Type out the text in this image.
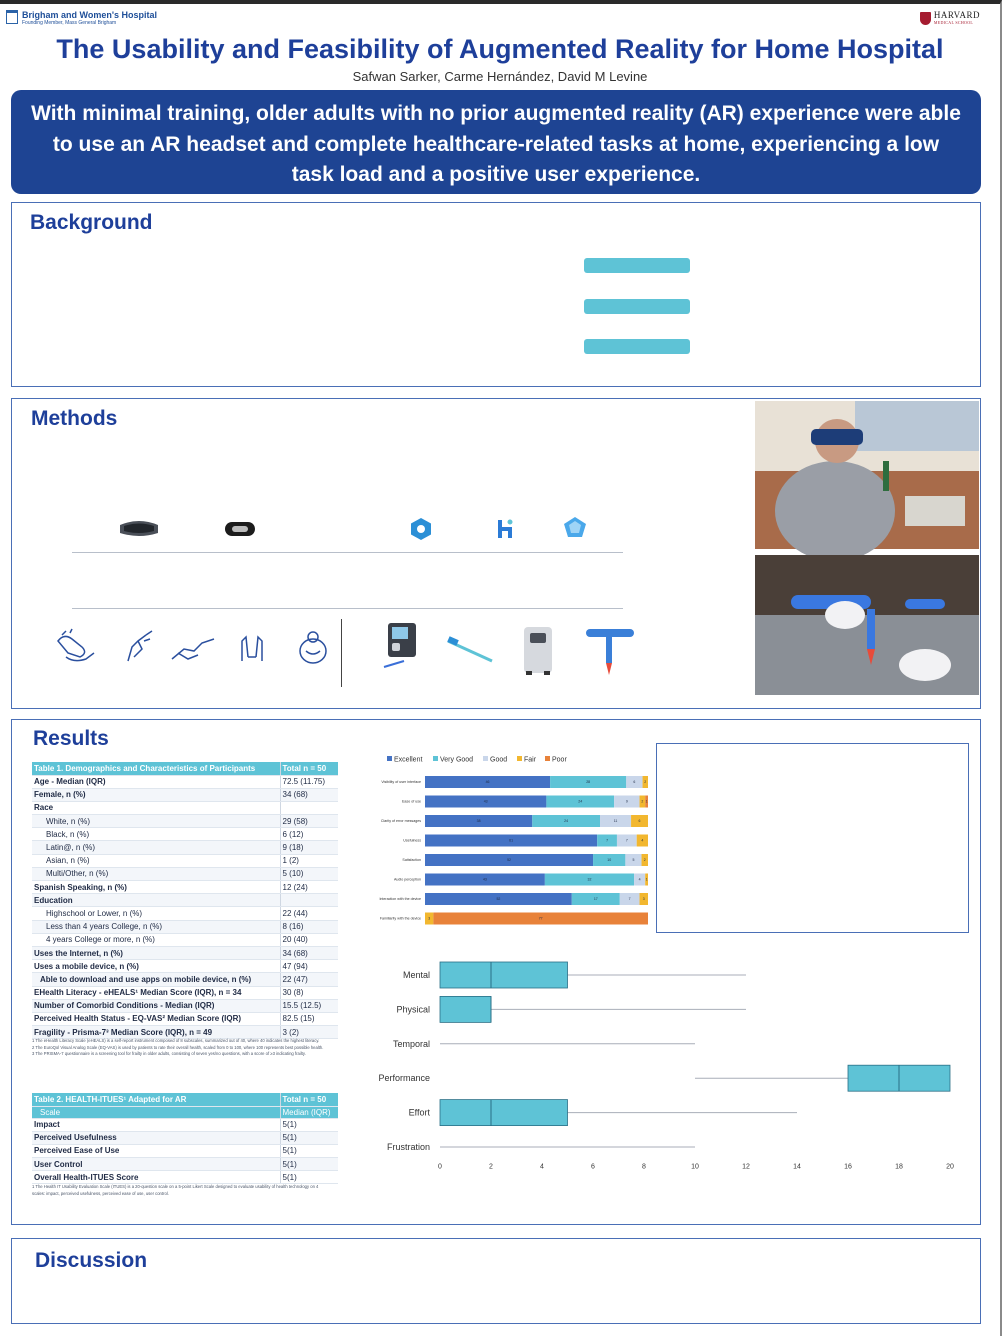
Brigham and Women's Hospital
Founding Member, Mass General Brigham
HARVARD
MEDICAL SCHOOL
The Usability and Feasibility of Augmented Reality for Home Hospital
Safwan Sarker, Carme Hernández, David M Levine
With minimal training, older adults with no prior augmented reality (AR) experience were able to use an AR headset and complete healthcare-related tasks at home, experiencing a low task load and a positive user experience.
Background
Methods
Results
Table 1. Demographics and Characteristics of Participants	Total n = 50
Age - Median (IQR)	72.5 (11.75)
Female, n (%)	34 (68)
Race	
White, n (%)	29 (58)
Black, n (%)	6 (12)
Latin@, n (%)	9 (18)
Asian, n (%)	1 (2)
Multi/Other, n (%)	5 (10)
Spanish Speaking, n (%)	12 (24)
Education	
Highschool or Lower, n (%)	22 (44)
Less than 4 years College, n (%)	8 (16)
4 years College or more, n (%)	20 (40)
Uses the Internet, n (%)	34 (68)
Uses a mobile device, n (%)	47 (94)
Able to download and use apps on mobile device, n (%)	22 (47)
EHealth Literacy - eHEALS¹ Median Score (IQR), n = 34	30 (8)
Number of Comorbid Conditions - Median (IQR)	15.5 (12.5)
Perceived Health Status - EQ-VAS² Median Score (IQR)	82.5 (15)
Fragility - Prisma-7³ Median Score (IQR), n = 49	3 (2)
1 The eHealth Literacy Scale (eHEALS) is a self-report instrument composed of 8 subscales, summarized out of 40, where 40 indicates the highest literacy.
2 The EuroQol Visual Analog Scale (EQ-VAS) is used by patients to rate their overall health, scaled from 0 to 100, where 100 represents best possible health.
3 The PRISMA-7 questionnaire is a screening tool for frailty in older adults, consisting of seven yes/no questions, with a score of ≥3 indicating frailty.
Table 2. HEALTH-ITUES¹ Adapted for AR	Total n = 50
Scale	Median (IQR)
Impact	5(1)
Perceived Usefulness	5(1)
Perceived Ease of Use	5(1)
User Control	5(1)
Overall Health-ITUES Score	5(1)
1 The Health IT Usability Evaluation Scale (ITUES) is a 20-question scale on a 5-point Likert Scale designed to evaluate usability of health technology on 4 scales: impact, perceived usefulness, perceived ease of use, user control.
Excellent	Very Good Good Fair Poor
Visibility of user interface	46	28	6	2
Ease of use	43	24	9	2 1
Clarity of error messages	38	24	11	6
Usefulness	61	7	7	4
Satisfaction	52	10	5	2
Audio perception	43	32	4 1
Interaction with the device	52	17	7	3
Familiarity with the device 3	77
Mental
Physical
Temporal
Performance
Effort
Frustration
0	2	4	6	8	10	12	14	16	18	20
Discussion
